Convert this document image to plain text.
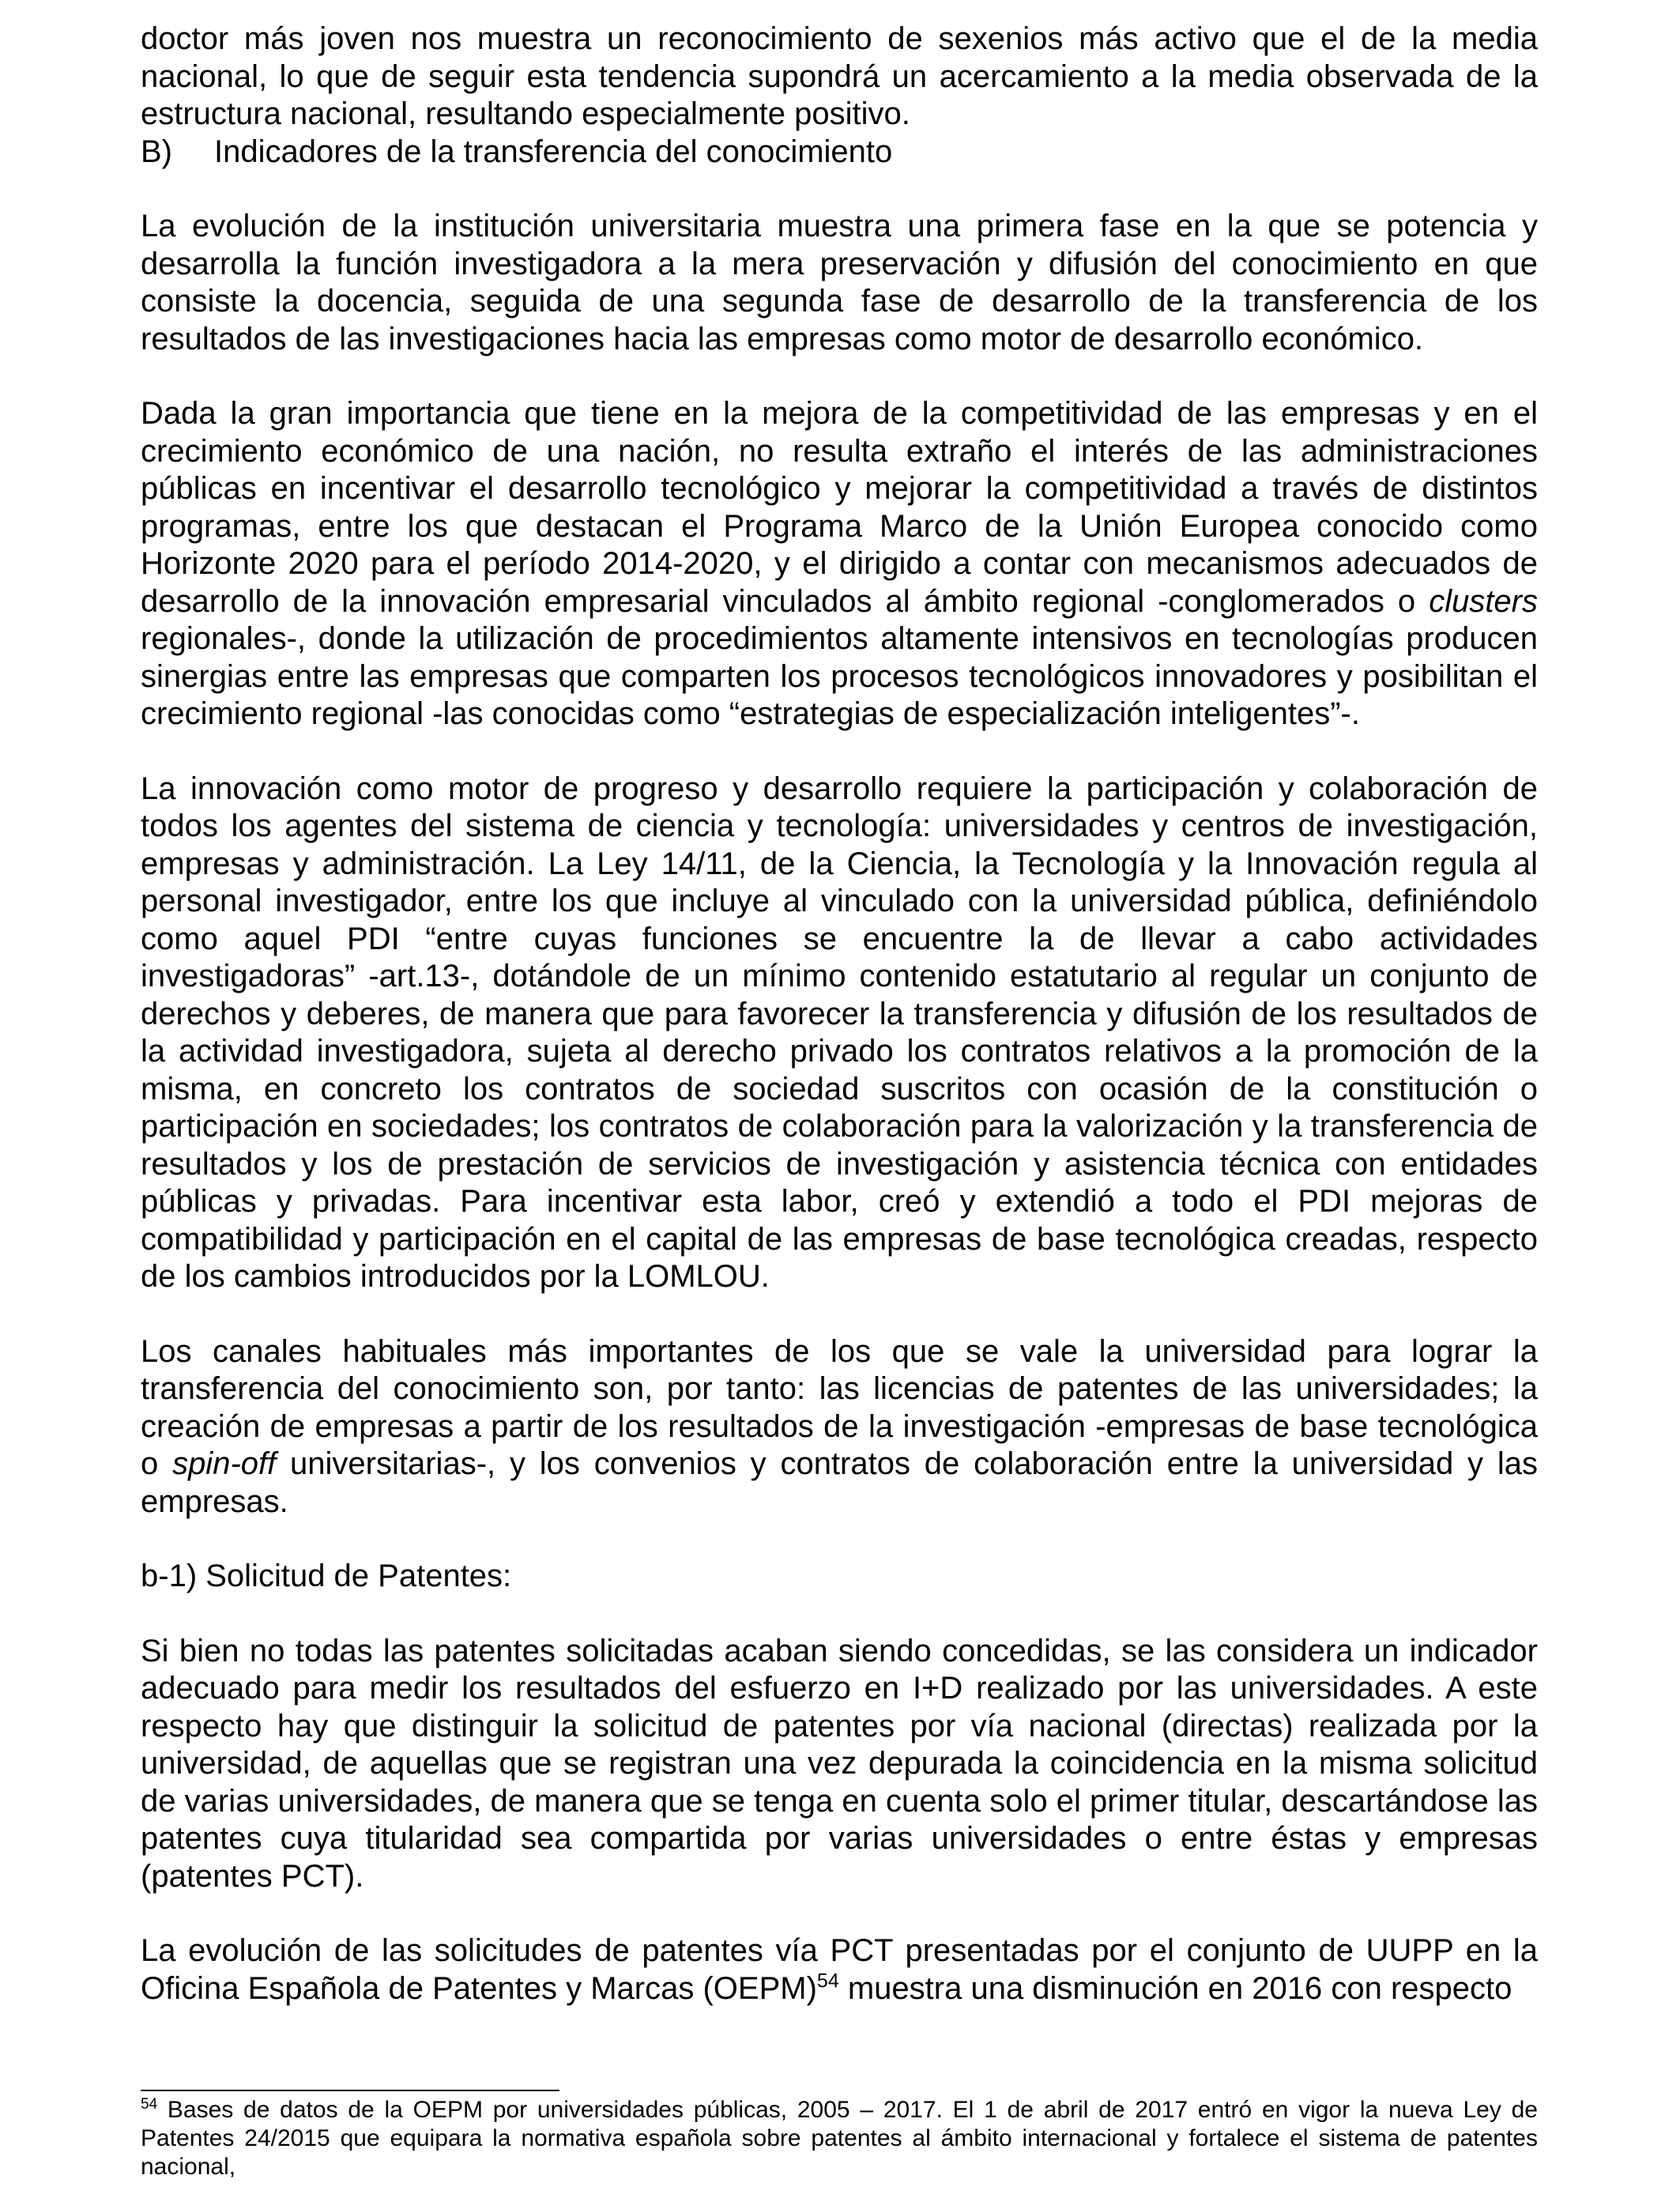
doctor más joven nos muestra un reconocimiento de sexenios más activo que el de la media nacional, lo que de seguir esta tendencia supondrá un acercamiento a la media observada de la estructura nacional, resultando especialmente positivo.

B) Indicadores de la transferencia del conocimiento

La evolución de la institución universitaria muestra una primera fase en la que se potencia y desarrolla la función investigadora a la mera preservación y difusión del conocimiento en que consiste la docencia, seguida de una segunda fase de desarrollo de la transferencia de los resultados de las investigaciones hacia las empresas como motor de desarrollo económico.

Dada la gran importancia que tiene en la mejora de la competitividad de las empresas y en el crecimiento económico de una nación, no resulta extraño el interés de las administraciones públicas en incentivar el desarrollo tecnológico y mejorar la competitividad a través de distintos programas, entre los que destacan el Programa Marco de la Unión Europea conocido como Horizonte 2020 para el período 2014-2020, y el dirigido a contar con mecanismos adecuados de desarrollo de la innovación empresarial vinculados al ámbito regional -conglomerados o clusters regionales-, donde la utilización de procedimientos altamente intensivos en tecnologías producen sinergias entre las empresas que comparten los procesos tecnológicos innovadores y posibilitan el crecimiento regional -las conocidas como “estrategias de especialización inteligentes”-.

La innovación como motor de progreso y desarrollo requiere la participación y colaboración de todos los agentes del sistema de ciencia y tecnología: universidades y centros de investigación, empresas y administración. La Ley 14/11, de la Ciencia, la Tecnología y la Innovación regula al personal investigador, entre los que incluye al vinculado con la universidad pública, definiéndolo como aquel PDI “entre cuyas funciones se encuentre la de llevar a cabo actividades investigadoras” -art.13-, dotándole de un mínimo contenido estatutario al regular un conjunto de derechos y deberes, de manera que para favorecer la transferencia y difusión de los resultados de la actividad investigadora, sujeta al derecho privado los contratos relativos a la promoción de la misma, en concreto los contratos de sociedad suscritos con ocasión de la constitución o participación en sociedades; los contratos de colaboración para la valorización y la transferencia de resultados y los de prestación de servicios de investigación y asistencia técnica con entidades públicas y privadas. Para incentivar esta labor, creó y extendió a todo el PDI mejoras de compatibilidad y participación en el capital de las empresas de base tecnológica creadas, respecto de los cambios introducidos por la LOMLOU.

Los canales habituales más importantes de los que se vale la universidad para lograr la transferencia del conocimiento son, por tanto: las licencias de patentes de las universidades; la creación de empresas a partir de los resultados de la investigación -empresas de base tecnológica o spin-off universitarias-, y los convenios y contratos de colaboración entre la universidad y las empresas.

b-1) Solicitud de Patentes:

Si bien no todas las patentes solicitadas acaban siendo concedidas, se las considera un indicador adecuado para medir los resultados del esfuerzo en I+D realizado por las universidades. A este respecto hay que distinguir la solicitud de patentes por vía nacional (directas) realizada por la universidad, de aquellas que se registran una vez depurada la coincidencia en la misma solicitud de varias universidades, de manera que se tenga en cuenta solo el primer titular, descartándose las patentes cuya titularidad sea compartida por varias universidades o entre éstas y empresas (patentes PCT).

La evolución de las solicitudes de patentes vía PCT presentadas por el conjunto de UUPP en la Oficina Española de Patentes y Marcas (OEPM)$^{54}$ muestra una disminución en 2016 con respecto

$^{54}$ Bases de datos de la OEPM por universidades públicas, 2005 – 2017. El 1 de abril de 2017 entró en vigor la nueva Ley de Patentes 24/2015 que equipara la normativa española sobre patentes al ámbito internacional y fortalece el sistema de patentes nacional,
